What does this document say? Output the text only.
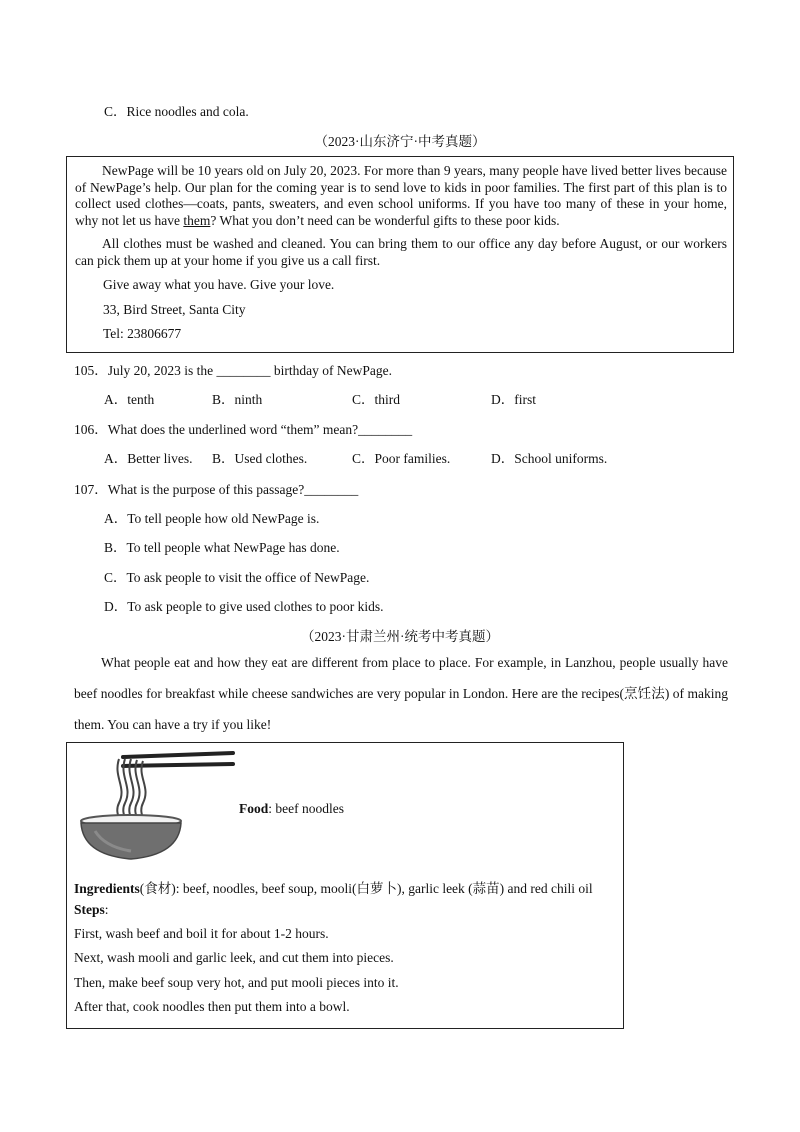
C．Rice noodles and cola.
（2023·山东济宁·中考真题）

NewPage will be 10 years old on July 20, 2023. For more than 9 years, many people have lived better lives because of NewPage’s help. Our plan for the coming year is to send love to kids in poor families. The first part of this plan is to collect used clothes—coats, pants, sweaters, and even school uniforms. If you have too many of these in your home, why not let us have them? What you don’t need can be wonderful gifts to these poor kids.

All clothes must be washed and cleaned. You can bring them to our office any day before August, or our workers can pick them up at your home if you give us a call first.

Give away what you have. Give your love.
33, Bird Street, Santa City
Tel: 23806677
105．July 20, 2023 is the ________ birthday of NewPage.
A．tenth	B．ninth	C．third	D．first
106．What does the underlined word “them” mean?________
A．Better lives. B．Used clothes.	C．Poor families.	D．School uniforms.
107．What is the purpose of this passage?________
A．To tell people how old NewPage is.
B．To tell people what NewPage has done.
C．To ask people to visit the office of NewPage.
D．To ask people to give used clothes to poor kids.
（2023·甘肃兰州·统考中考真题）
What people eat and how they eat are different from place to place. For example, in Lanzhou, people usually have beef noodles for breakfast while cheese sandwiches are very popular in London. Here are the recipes(烹饪法) of making them. You can have a try if you like!
Food: beef noodles
Ingredients(食材): beef, noodles, beef soup, mooli(白萝卜), garlic leek (蒜苗) and red chili oil
Steps:
First, wash beef and boil it for about 1-2 hours.
Next, wash mooli and garlic leek, and cut them into pieces.
Then, make beef soup very hot, and put mooli pieces into it.
After that, cook noodles then put them into a bowl.
